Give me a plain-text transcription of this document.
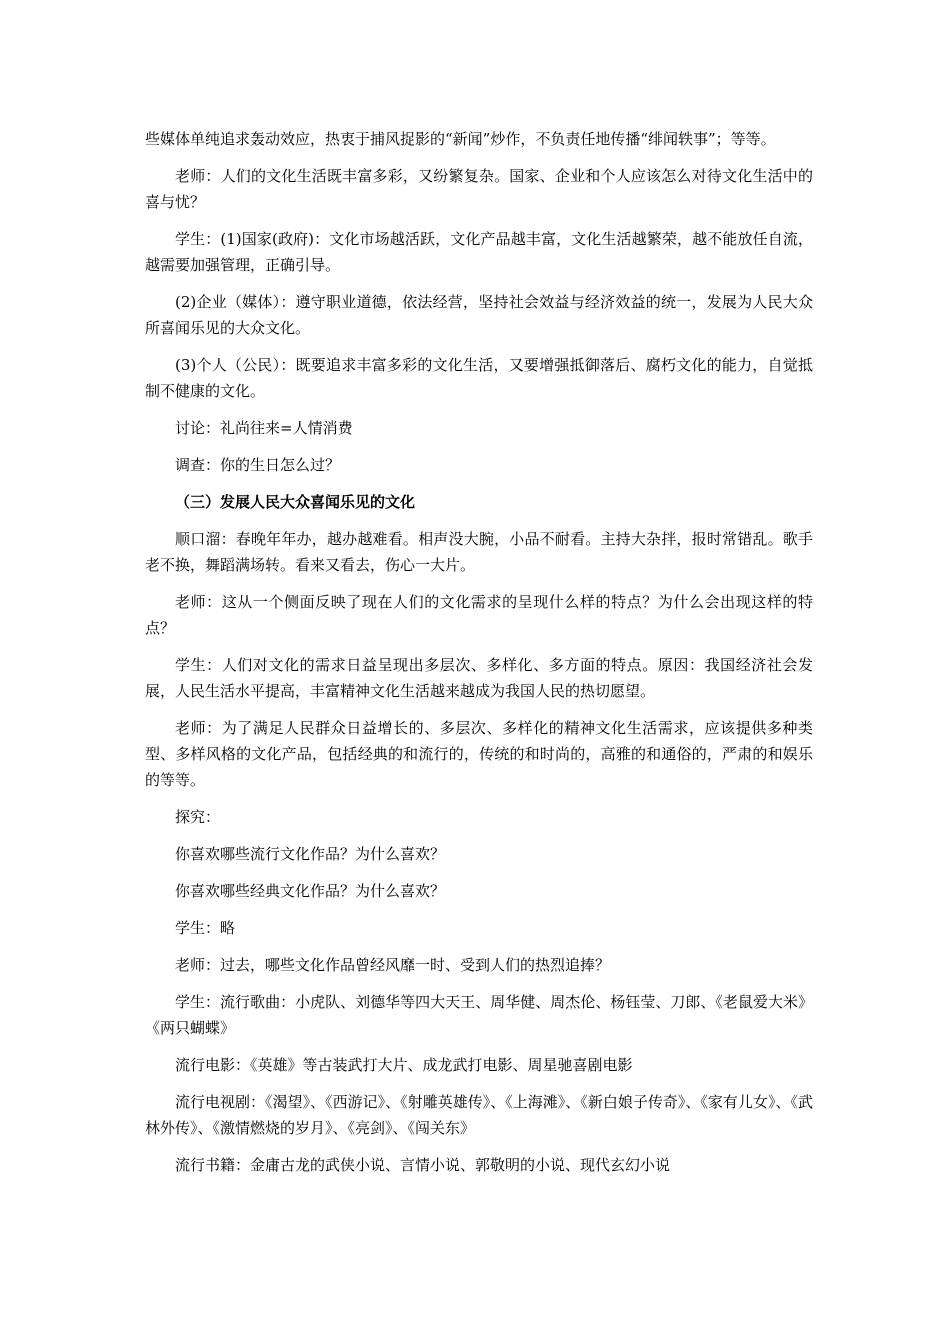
些媒体单纯追求轰动效应，热衷于捕风捉影的“新闻”炒作，不负责任地传播“绯闻轶事”；等等。

老师：人们的文化生活既丰富多彩，又纷繁复杂。国家、企业和个人应该怎么对待文化生活中的喜与忧？

学生：(1)国家(政府)：文化市场越活跃，文化产品越丰富，文化生活越繁荣，越不能放任自流，越需要加强管理，正确引导。

(2)企业（媒体）：遵守职业道德，依法经营，坚持社会效益与经济效益的统一，发展为人民大众所喜闻乐见的大众文化。

(3)个人（公民）：既要追求丰富多彩的文化生活，又要增强抵御落后、腐朽文化的能力，自觉抵制不健康的文化。

讨论：礼尚往来=人情消费

调查：你的生日怎么过？

（三）发展人民大众喜闻乐见的文化

顺口溜：春晚年年办，越办越难看。相声没大腕，小品不耐看。主持大杂拌，报时常错乱。歌手老不换，舞蹈满场转。看来又看去，伤心一大片。

老师：这从一个侧面反映了现在人们的文化需求的呈现什么样的特点？为什么会出现这样的特点？

学生：人们对文化的需求日益呈现出多层次、多样化、多方面的特点。原因：我国经济社会发展，人民生活水平提高，丰富精神文化生活越来越成为我国人民的热切愿望。

老师：为了满足人民群众日益增长的、多层次、多样化的精神文化生活需求，应该提供多种类型、多样风格的文化产品，包括经典的和流行的，传统的和时尚的，高雅的和通俗的，严肃的和娱乐的等等。

探究：

你喜欢哪些流行文化作品？为什么喜欢？

你喜欢哪些经典文化作品？为什么喜欢？

学生：略

老师：过去，哪些文化作品曾经风靡一时、受到人们的热烈追捧？

学生：流行歌曲：小虎队、刘德华等四大天王、周华健、周杰伦、杨钰莹、刀郎、《老鼠爱大米》《两只蝴蝶》

流行电影：《英雄》等古装武打大片、成龙武打电影、周星驰喜剧电影

流行电视剧：《渴望》、《西游记》、《射雕英雄传》、《上海滩》、《新白娘子传奇》、《家有儿女》、《武林外传》、《激情燃烧的岁月》、《亮剑》、《闯关东》

流行书籍：金庸古龙的武侠小说、言情小说、郭敬明的小说、现代玄幻小说
